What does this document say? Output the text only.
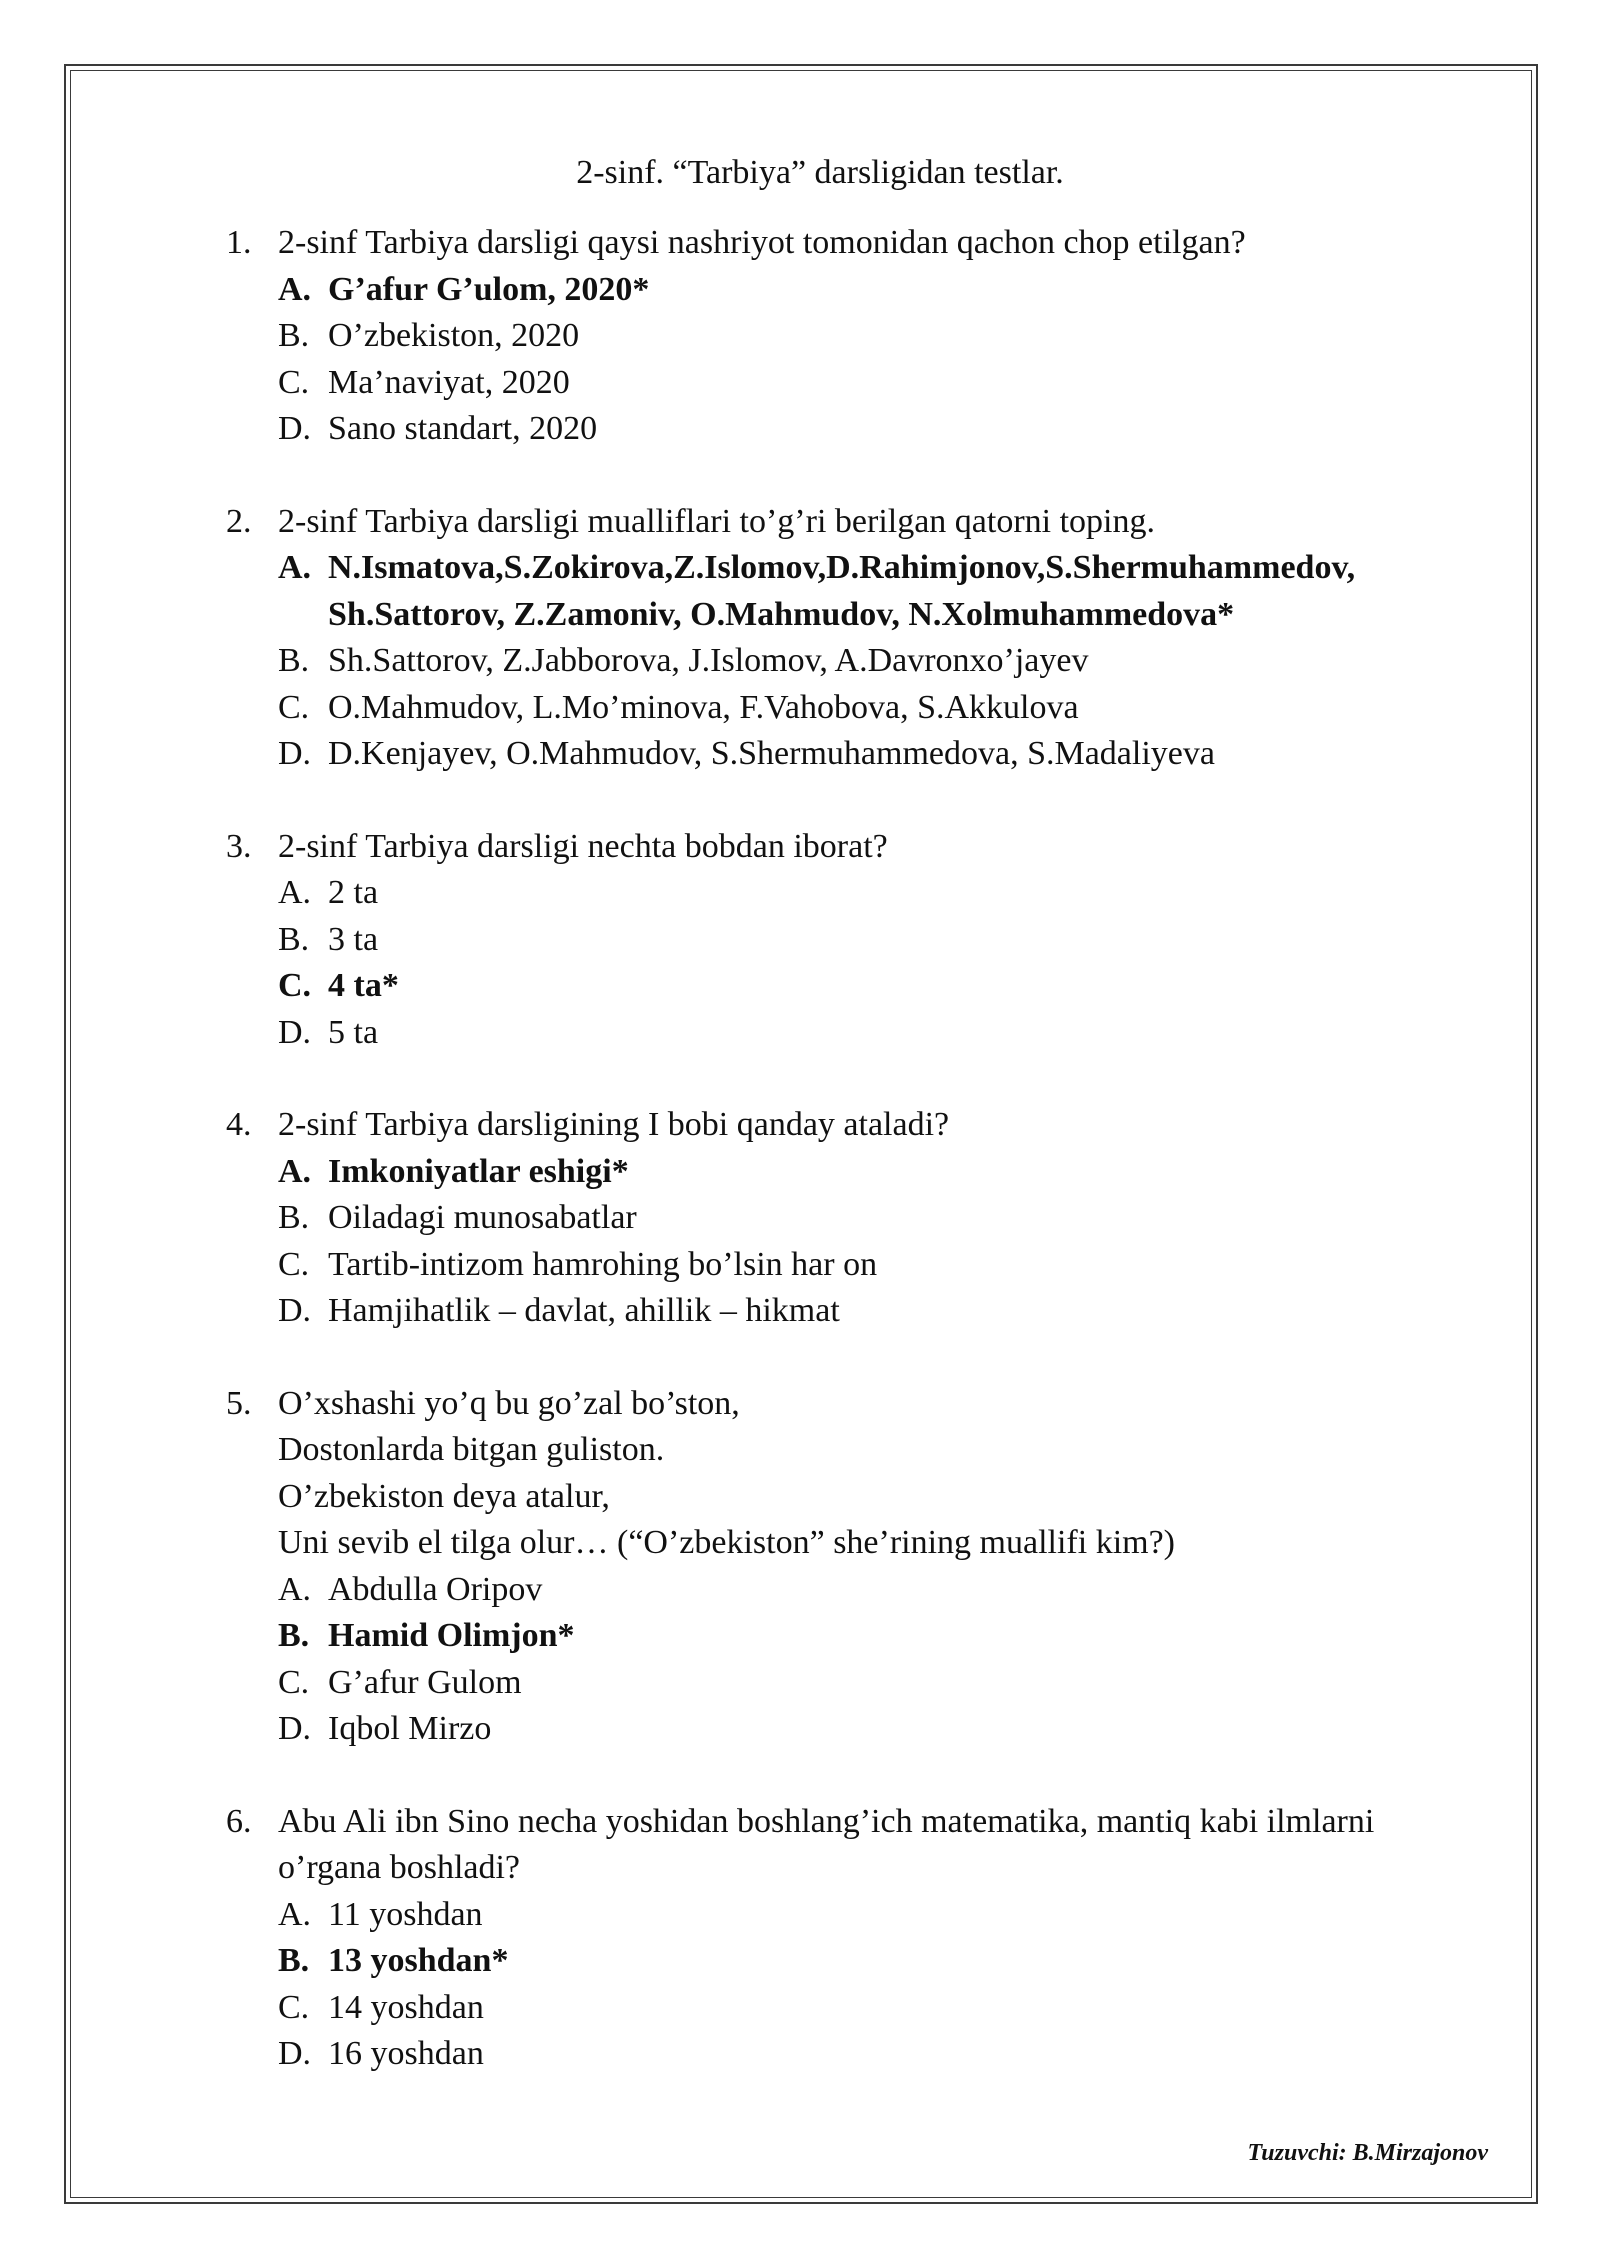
2-sinf. “Tarbiya” darsligidan testlar.
1. 2-sinf Tarbiya darsligi qaysi nashriyot tomonidan qachon chop etilgan?

A. G’afur G’ulom, 2020*
B. O’zbekiston, 2020
C. Ma’naviyat, 2020
D. Sano standart, 2020
2. 2-sinf Tarbiya darsligi mualliflari to’g’ri berilgan qatorni toping.

A. N.Ismatova,S.Zokirova,Z.Islomov,D.Rahimjonov,S.Shermuhammedov, Sh.Sattorov, Z.Zamoniv, O.Mahmudov, N.Xolmuhammedova*
B. Sh.Sattorov, Z.Jabborova, J.Islomov, A.Davronxo’jayev
C. O.Mahmudov, L.Mo’minova, F.Vahobova, S.Akkulova
D. D.Kenjayev, O.Mahmudov, S.Shermuhammedova, S.Madaliyeva
3. 2-sinf Tarbiya darsligi nechta bobdan iborat?

A. 2 ta
B. 3 ta
C. 4 ta*
D. 5 ta
4. 2-sinf Tarbiya darsligining I bobi qanday ataladi?

A. Imkoniyatlar eshigi*
B. Oiladagi munosabatlar
C. Tartib-intizom hamrohing bo’lsin har on
D. Hamjihatlik – davlat, ahillik – hikmat
5. O’xshashi yo’q bu go’zal bo’ston,
Dostonlarda bitgan guliston.
O’zbekiston deya atalur,
Uni sevib el tilga olur… (“O’zbekiston” she’rining muallifi kim?)

A. Abdulla Oripov
B. Hamid Olimjon*
C. G’afur Gulom
D. Iqbol Mirzo
6. Abu Ali ibn Sino necha yoshidan boshlang’ich matematika, mantiq kabi ilmlarni
o’rgana boshladi?

A. 11 yoshdan
B. 13 yoshdan*
C. 14 yoshdan
D. 16 yoshdan
Tuzuvchi: B.Mirzajonov
